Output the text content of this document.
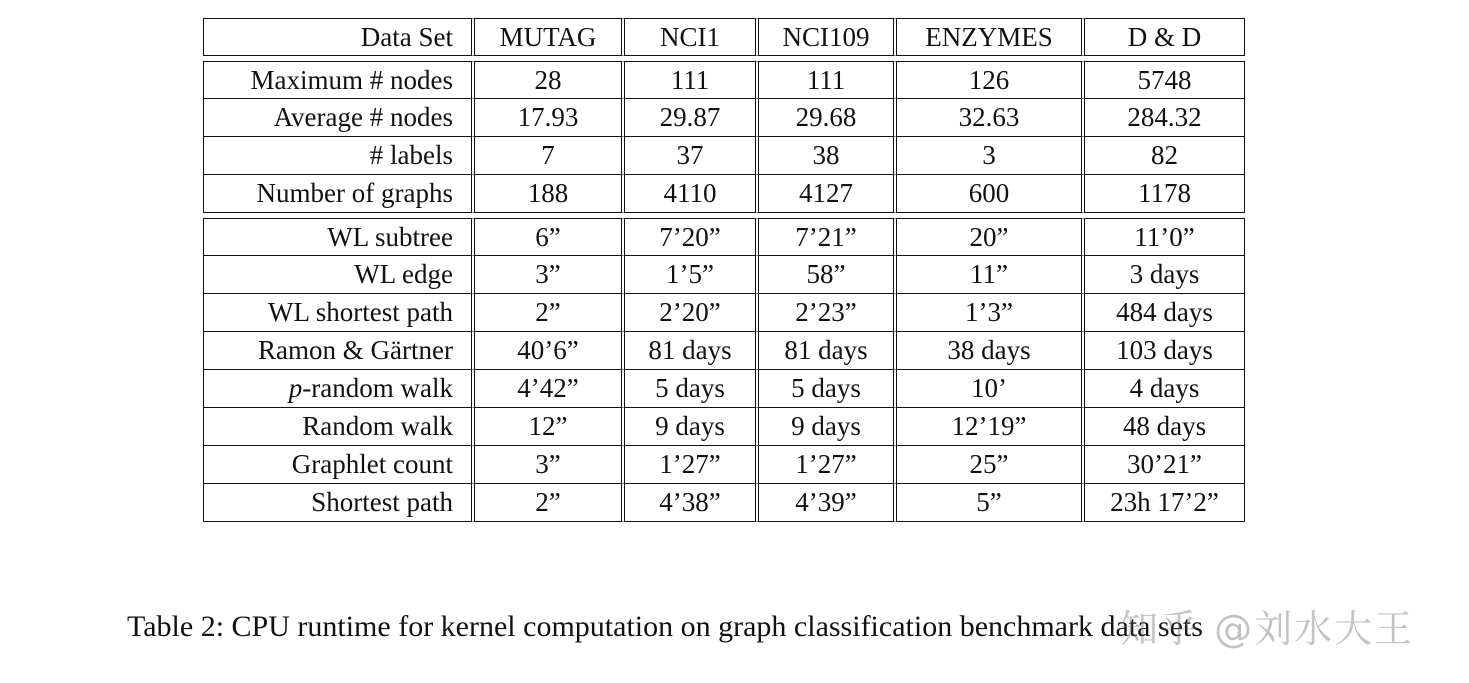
Data Set	MUTAG	NCI1	NCI109	ENZYMES	D & D

Maximum # nodes	28	111	111	126	5748
Average # nodes	17.93	29.87	29.68	32.63	284.32
# labels	7	37	38	3	82
Number of graphs	188	4110	4127	600	1178

WL subtree	6”	7’20”	7’21”	20”	11’0”
WL edge	3”	1’5”	58”	11”	3 days
WL shortest path	2”	2’20”	2’23”	1’3”	484 days
Ramon & Gärtner	40’6”	81 days	81 days	38 days	103 days
p-random walk	4’42”	5 days	5 days	10’	4 days
Random walk	12”	9 days	9 days	12’19”	48 days
Graphlet count	3”	1’27”	1’27”	25”	30’21”
Shortest path	2”	4’38”	4’39”	5”	23h 17’2”
Table 2: CPU runtime for kernel computation on graph classification benchmark data sets
知乎 @刘水大王
